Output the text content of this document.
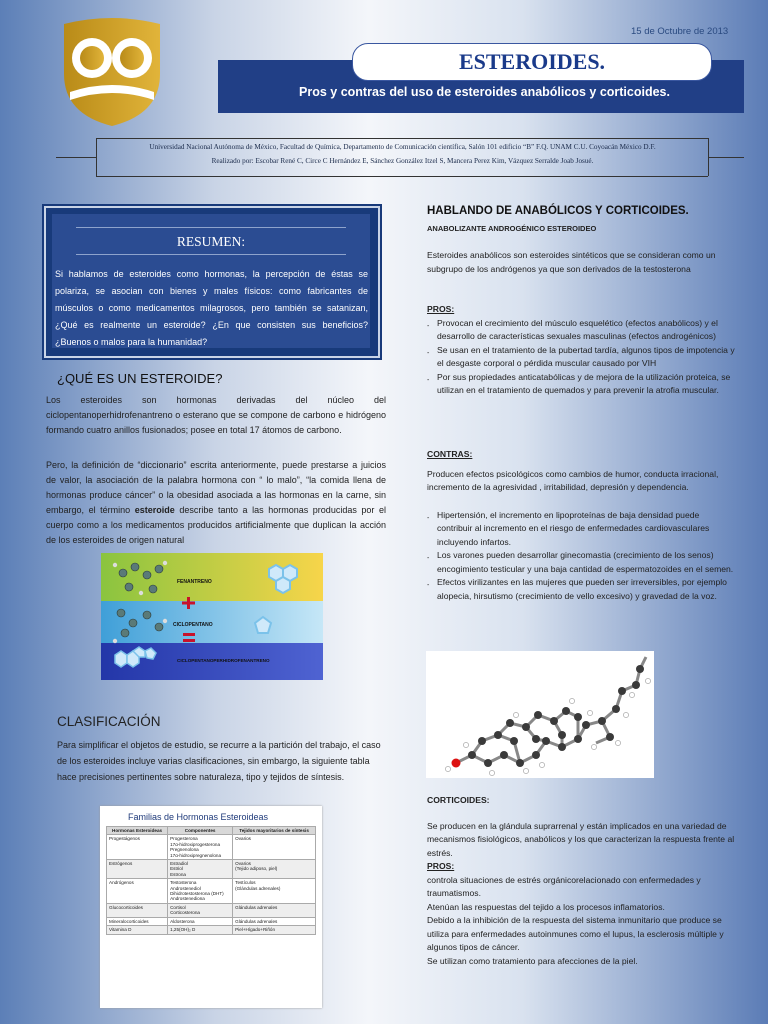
15 de Octubre de 2013
ESTEROIDES.
Pros y contras del uso de esteroides anabólicos y corticoides.
Universidad Nacional Autónoma de México, Facultad de Química, Departamento de Comunicación científica, Salón 101 edificio “B” F.Q. UNAM C.U. Coyoacán México D.F.
Realizado por: Escobar René C, Circe C Hernández E, Sánchez González Itzel S, Mancera Perez Kim, Vázquez Serralde Joab Josué.
RESUMEN:
Si hablamos de esteroides como hormonas, la percepción de éstas se polariza, se asocian con bienes y males físicos: como fabricantes de músculos o como medicamentos milagrosos, pero también se satanizan, ¿Qué es realmente un esteroide? ¿En que consisten sus beneficios? ¿Buenos o malos para la humanidad?
¿QUÉ ES UN ESTEROIDE?
Los esteroides son hormonas derivadas del núcleo del ciclopentanoperhidrofenantreno o esterano que se compone de carbono e hidrógeno formando cuatro anillos fusionados; posee en total 17 átomos de carbono.
Pero, la definición de “diccionario” escrita anteriormente, puede prestarse a juicios de valor, la asociación de la palabra hormona con “ lo malo”, “la comida llena de hormonas produce cáncer” o la obesidad asociada a las hormonas en la carne, sin embargo, el término esteroide describe tanto a las hormonas producidas por el cuerpo como a los medicamentos producidos artificialmente que duplican la acción de los esteroides de origen natural
FENANTRENO
CICLOPENTANO
CICLOPENTANOPERHIDROFENANTRENO
CLASIFICACIÓN
Para simplificar el objetos de estudio, se recurre a la partición del trabajo, el caso de los esteroides incluye varias clasificaciones, sin embargo, la siguiente tabla hace precisiones pertinentes sobre naturaleza, tipo y tejidos de síntesis.
Familias de Hormonas Esteroideas
Hormonas Esteroideas	Componentes	Tejidos mayoritarios de síntesis
Progestágenos	Progesterona
17α-hidroxiprogesterona
Pregnenolona
17α-hidroxipregnenolona	Ovarios
Estrógenos	Estradiol
Estriol
Estrona	Ovarios
(Tejido adiposo, piel)
Andrógenos	Testosterona
Androstenediol
Dihidrotestosterona (DHT)
Androstenediona	Testículos
(Glándulas adrenales)
Glucocorticoides	Cortisol
Corticosterona	Glándulas adrenales
Mineralocorticoides	Aldosterona	Glándulas adrenales
Vitamina D	1,25(OH)₂ D	Piel+Hígado+Riñón
HABLANDO DE ANABÓLICOS Y CORTICOIDES.
ANABOLIZANTE ANDROGÉNICO ESTEROIDEO
Esteroides anabólicos son esteroides sintéticos que se consideran como un subgrupo de los andrógenos ya que son derivados de la testosterona
PROS:
- Provocan el crecimiento del músculo esquelético (efectos anabólicos) y el desarrollo de características sexuales masculinas (efectos androgénicos)
- Se usan en el tratamiento de la pubertad tardía, algunos tipos de impotencia y el desgaste corporal o pérdida muscular causado por VIH
- Por sus propiedades anticatabólicas y de mejora de la utilización proteica, se utilizan en el tratamiento de quemados y para prevenir la atrofia muscular.
CONTRAS:
Producen efectos psicológicos como cambios de humor, conducta irracional, incremento de la agresividad , irritabilidad, depresión y dependencia.
- Hipertensión, el incremento en lipoproteínas de baja densidad puede contribuir al incremento en el riesgo de enfermedades cardiovasculares incluyendo infartos.
- Los varones pueden desarrollar ginecomastia (crecimiento de los senos) encogimiento testicular y una baja cantidad de espermatozoides en el semen.
- Efectos virilizantes en las mujeres que pueden ser irreversibles, por ejemplo alopecia, hirsutismo (crecimiento de vello excesivo) y gravedad de la voz.
CORTICOIDES:
Se producen en la glándula suprarrenal y están implicados en una variedad de mecanismos fisiológicos, anabólicos y los que caracterizan la respuesta frente al estrés.
PROS:
controla situaciones de estrés orgánicorelacionado con enfermedades y traumatismos.
Atenúan las respuestas del tejido a los procesos inflamatorios.
Debido a la inhibición de la respuesta del sistema inmunitario que produce se utiliza para enfermedades autoinmunes como el lupus, la esclerosis múltiple y algunos tipos de cáncer.
Se utilizan como tratamiento para afecciones de la piel.
